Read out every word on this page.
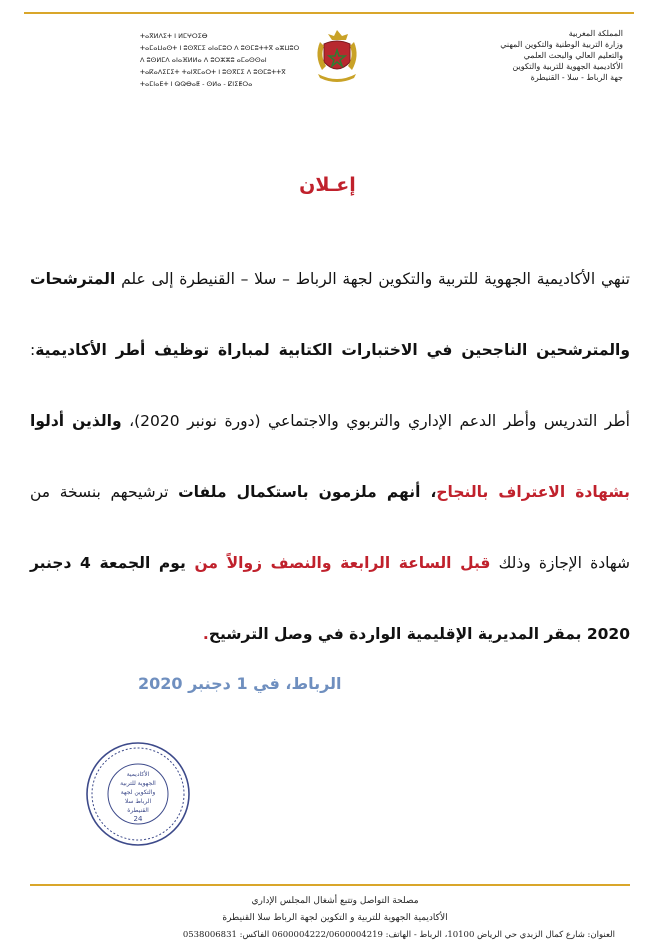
ⵜⴰⴳⵍⴷⵉⵜ ⵏ ⵍⵎⵖⵔⵉⴱ
ⵜⴰⵎⴰⵡⴰⵙⵜ ⵏ ⵓⵙⴳⵎⵉ ⴰⵏⴰⵎⵓⵔ ⴷ ⵓⵙⵎⵓⵜⵜⴳ ⴰⵣⵡⵓⵔ
ⴷ ⵓⵙⵍⵎⴷ ⴰⵏⴰⴼⵍⵍⴰ ⴷ ⵓⵔⵣⵣⵓ ⴰⵎⴰⵙⵙⴰⵏ
ⵜⴰⴽⴰⴷⵉⵎⵉⵜ ⵜⴰⵏⴳⵎⴰⵔⵜ ⵏ ⵓⵙⴳⵎⵉ ⴷ ⵓⵙⵎⵓⵜⵜⴳ
ⵜⴰⵎⵏⴰⴹⵜ ⵏ ⵕⵕⴱⴰⵟ - ⵙⵍⴰ - ⵇⵏⵉⵟⵔⴰ
المملكة المغربية
وزارة التربية الوطنية والتكوين المهني
والتعليم العالي والبحث العلمي
الأكاديمية الجهوية للتربية والتكوين
جهة الرباط - سلا - القنيطرة
إعـلان

تنهي الأكاديمية الجهوية للتربية والتكوين لجهة الرباط – سلا – القنيطرة إلى علم المترشحات والمترشحين الناجحين في الاختبارات الكتابية لمباراة توظيف أطر الأكاديمية: أطر التدريس وأطر الدعم الإداري والتربوي والاجتماعي (دورة نونبر 2020)، والذين أدلوا بشهادة الاعتراف بالنجاح، أنهم ملزمون باستكمال ملفات ترشيحهم بنسخة من شهادة الإجازة وذلك قبل الساعة الرابعة والنصف زوالاً من يوم الجمعة 4 دجنبر 2020 بمقر المديرية الإقليمية الواردة في وصل الترشيح.

الرباط، في 1 دجنبر 2020
الأكاديمية
الجهوية للتربية
والتكوين لجهة
الرباط سلا
القنيطرة
24
مصلحة التواصل وتتبع أشغال المجلس الإداري
الأكاديمية الجهوية للتربية و التكوين لجهة الرباط سلا القنيطرة
العنوان: شارع كمال الزبدي حي الرياض 10100، الرباط - الهاتف: 0600004222/0600004219 الفاكس: 0538006831
